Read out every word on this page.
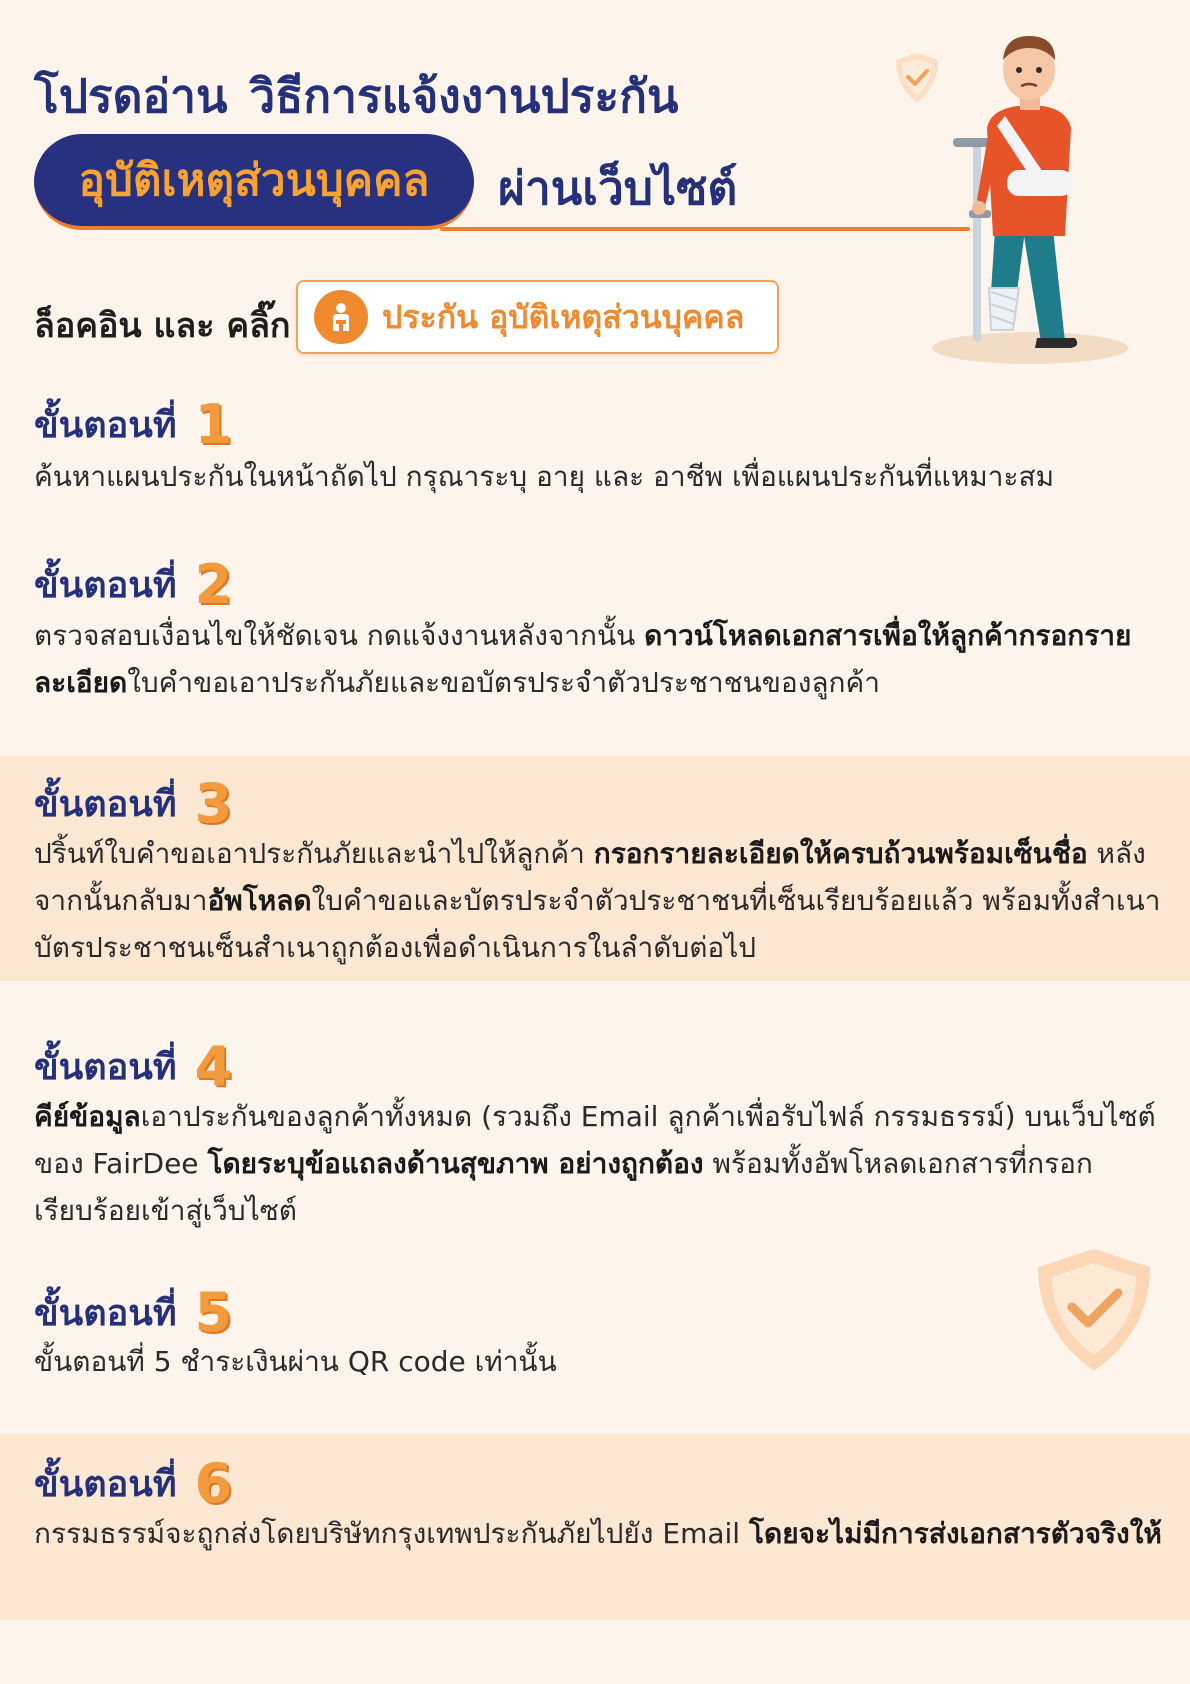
โปรดอ่าน วิธีการแจ้งงานประกัน
อุบัติเหตุส่วนบุคคล ผ่านเว็บไซต์
ล็อคอิน และ คลิ๊ก	ประกัน อุบัติเหตุส่วนบุคคล
ขั้นตอนที่ 1
ค้นหาแผนประกันในหน้าถัดไป กรุณาระบุ อายุ และ อาชีพ เพื่อแผนประกันที่แหมาะสม
ขั้นตอนที่ 2
ตรวจสอบเงื่อนไขให้ชัดเจน กดแจ้งงานหลังจากนั้น ดาวน์โหลดเอกสารเพื่อให้ลูกค้ากรอกรายละเอียดใบคำขอเอาประกันภัยและขอบัตรประจำตัวประชาชนของลูกค้า
ขั้นตอนที่ 3
ปริ้นท์ใบคำขอเอาประกันภัยและนำไปให้ลูกค้า กรอกรายละเอียดให้ครบถ้วนพร้อมเซ็นชื่อ หลังจากนั้นกลับมาอัพโหลดใบคำขอและบัตรประจำตัวประชาชนที่เซ็นเรียบร้อยแล้ว พร้อมทั้งสำเนาบัตรประชาชนเซ็นสำเนาถูกต้องเพื่อดำเนินการในลำดับต่อไป
ขั้นตอนที่ 4
คีย์ข้อมูลเอาประกันของลูกค้าทั้งหมด (รวมถึง Email ลูกค้าเพื่อรับไฟล์ กรรมธรรม์) บนเว็บไซต์ของ FairDee โดยระบุข้อแถลงด้านสุขภาพ อย่างถูกต้อง พร้อมทั้งอัพโหลดเอกสารที่กรอกเรียบร้อยเข้าสู่เว็บไซต์
ขั้นตอนที่ 5
ขั้นตอนที่ 5 ชำระเงินผ่าน QR code เท่านั้น
ขั้นตอนที่ 6
กรรมธรรม์จะถูกส่งโดยบริษัทกรุงเทพประกันภัยไปยัง Email โดยจะไม่มีการส่งเอกสารตัวจริงให้
